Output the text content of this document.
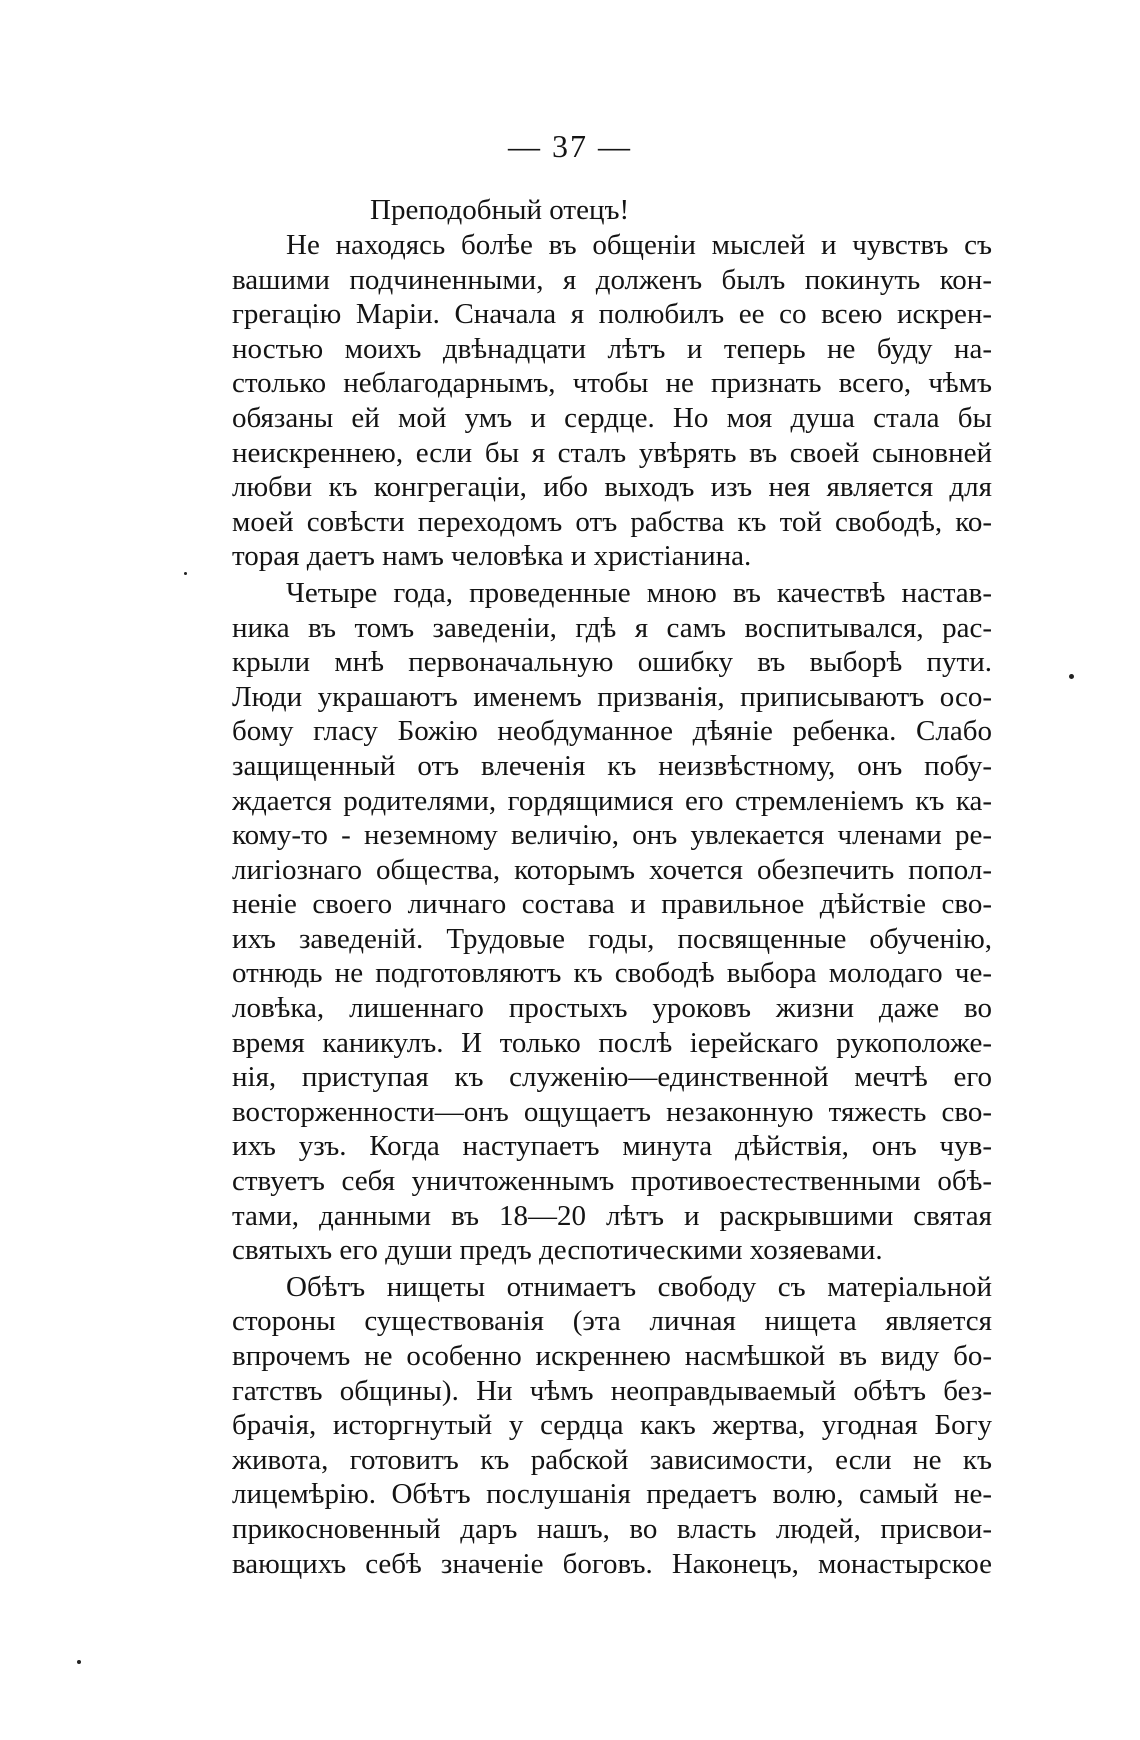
— 37 —
Преподобный отецъ!
Не находясь болѣе въ общеніи мыслей и чувствъ съ
вашими подчиненными, я долженъ былъ покинуть кон-
грегацію Маріи. Сначала я полюбилъ ее со всею искрен-
ностью моихъ двѣнадцати лѣтъ и теперь не буду на-
столько неблагодарнымъ, чтобы не признать всего, чѣмъ
обязаны ей мой умъ и сердце. Но моя душа стала бы
неискреннею, если бы я сталъ увѣрять въ своей сыновней
любви къ конгрегаціи, ибо выходъ изъ нея является для
моей совѣсти переходомъ отъ рабства къ той свободѣ, ко-
торая даетъ намъ человѣка и христіанина.
Четыре года, проведенные мною въ качествѣ настав-
ника въ томъ заведеніи, гдѣ я самъ воспитывался, рас-
крыли мнѣ первоначальную ошибку въ выборѣ пути.
Люди украшаютъ именемъ призванія, приписываютъ осо-
бому гласу Божію необдуманное дѣяніе ребенка. Слабо
защищенный отъ влеченія къ неизвѣстному, онъ побу-
ждается родителями, гордящимися его стремленіемъ къ ка-
кому-то - неземному величію, онъ увлекается членами ре-
лигіознаго общества, которымъ хочется обезпечить попол-
неніе своего личнаго состава и правильное дѣйствіе сво-
ихъ заведеній. Трудовые годы, посвященные обученію,
отнюдь не подготовляютъ къ свободѣ выбора молодаго че-
ловѣка, лишеннаго простыхъ уроковъ жизни даже во
время каникулъ. И только послѣ іерейскаго рукоположе-
нія, приступая къ служенію—единственной мечтѣ его
восторженности—онъ ощущаетъ незаконную тяжесть сво-
ихъ узъ. Когда наступаетъ минута дѣйствія, онъ чув-
ствуетъ себя уничтоженнымъ противоестественными обѣ-
тами, данными въ 18—20 лѣтъ и раскрывшими святая
святыхъ его души предъ деспотическими хозяевами.
Обѣтъ нищеты отнимаетъ свободу съ матеріальной
стороны существованія (эта личная нищета является
впрочемъ не особенно искреннею насмѣшкой въ виду бо-
гатствъ общины). Ни чѣмъ неоправдываемый обѣтъ без-
брачія, исторгнутый у сердца какъ жертва, угодная Богу
живота, готовитъ къ рабской зависимости, если не къ
лицемѣрію. Обѣтъ послушанія предаетъ волю, самый не-
прикосновенный даръ нашъ, во власть людей, присвои-
вающихъ себѣ значеніе боговъ. Наконецъ, монастырское
